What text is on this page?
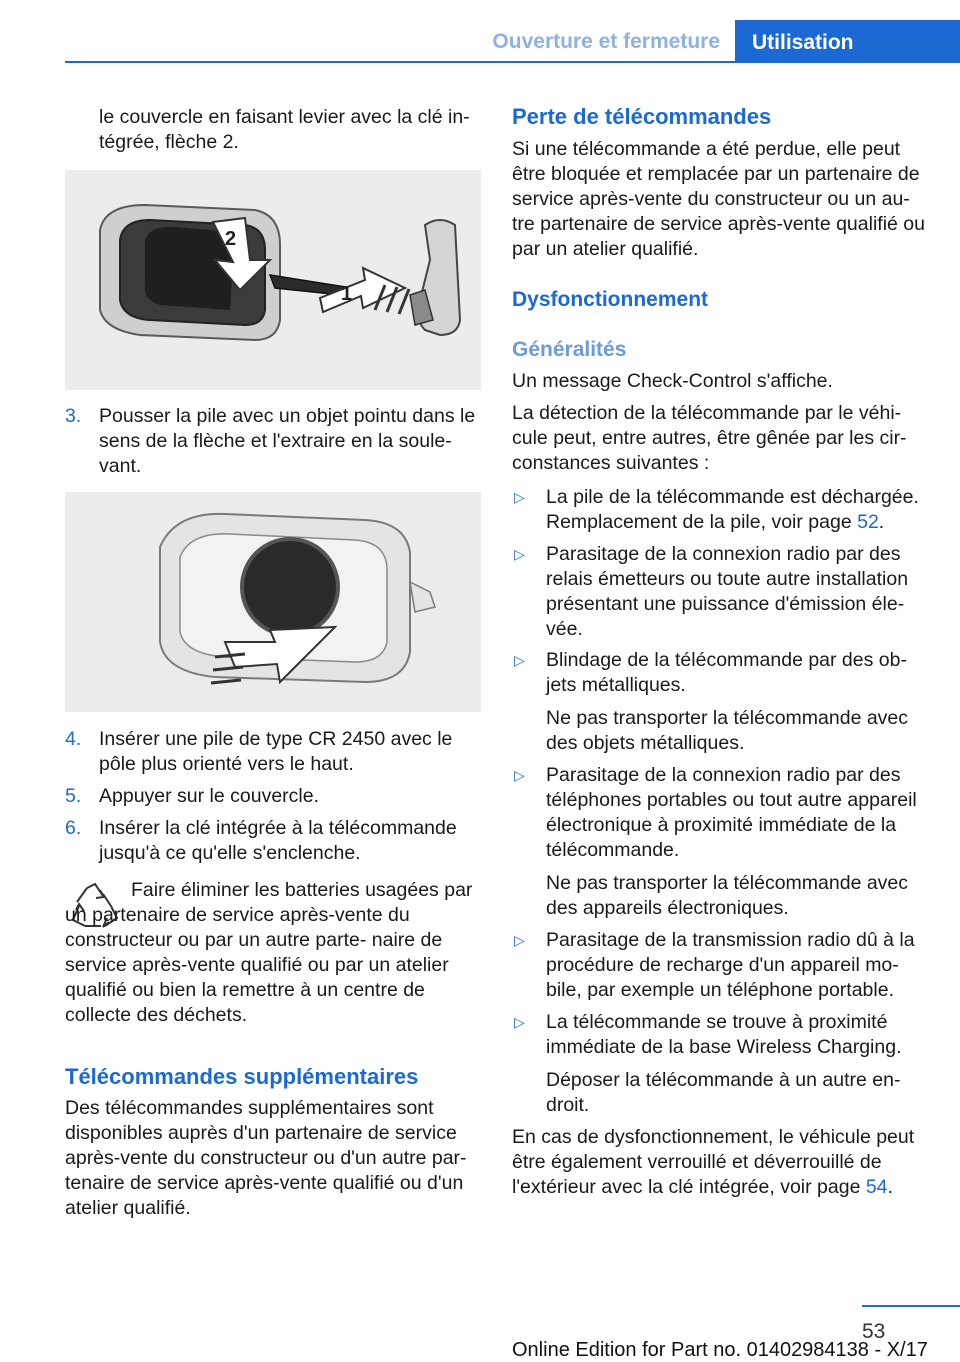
Ouverture et fermeture	Utilisation

le couvercle en faisant levier avec la clé in‐ tégrée, flèche 2.

2
1
3. Pousser la pile avec un objet pointu dans le sens de la flèche et l'extraire en la soule‐ vant.
4. Insérer une pile de type CR 2450 avec le pôle plus orienté vers le haut.
5. Appuyer sur le couvercle.
6. Insérer la clé intégrée à la télécommande jusqu'à ce qu'elle s'enclenche.

Faire éliminer les batteries usagées par un partenaire de service après-vente du constructeur ou par un autre parte‐ naire de service après-vente qualifié ou par un atelier qualifié ou bien la remettre à un centre de collecte des déchets.

Télécommandes supplémentaires

Des télécommandes supplémentaires sont disponibles auprès d'un partenaire de service après-vente du constructeur ou d'un autre par‐ tenaire de service après-vente qualifié ou d'un atelier qualifié.

Perte de télécommandes

Si une télécommande a été perdue, elle peut être bloquée et remplacée par un partenaire de service après-vente du constructeur ou un au‐ tre partenaire de service après-vente qualifié ou par un atelier qualifié.

Dysfonctionnement
Généralités

Un message Check-Control s'affiche.

La détection de la télécommande par le véhi‐ cule peut, entre autres, être gênée par les cir‐ constances suivantes :

▷	La pile de la télécommande est déchargée. Remplacement de la pile, voir page 52.
▷	Parasitage de la connexion radio par des relais émetteurs ou toute autre installation présentant une puissance d'émission éle‐ vée.
▷	Blindage de la télécommande par des ob‐ jets métalliques.

Ne pas transporter la télécommande avec des objets métalliques.

▷	Parasitage de la connexion radio par des téléphones portables ou tout autre appareil électronique à proximité immédiate de la télécommande.

Ne pas transporter la télécommande avec des appareils électroniques.

▷	Parasitage de la transmission radio dû à la procédure de recharge d'un appareil mo‐ bile, par exemple un téléphone portable.
▷	La télécommande se trouve à proximité immédiate de la base Wireless Charging.

Déposer la télécommande à un autre en‐ droit.

En cas de dysfonctionnement, le véhicule peut être également verrouillé et déverrouillé de l'extérieur avec la clé intégrée, voir page 54.

53
Online Edition for Part no. 01402984138 - X/17
